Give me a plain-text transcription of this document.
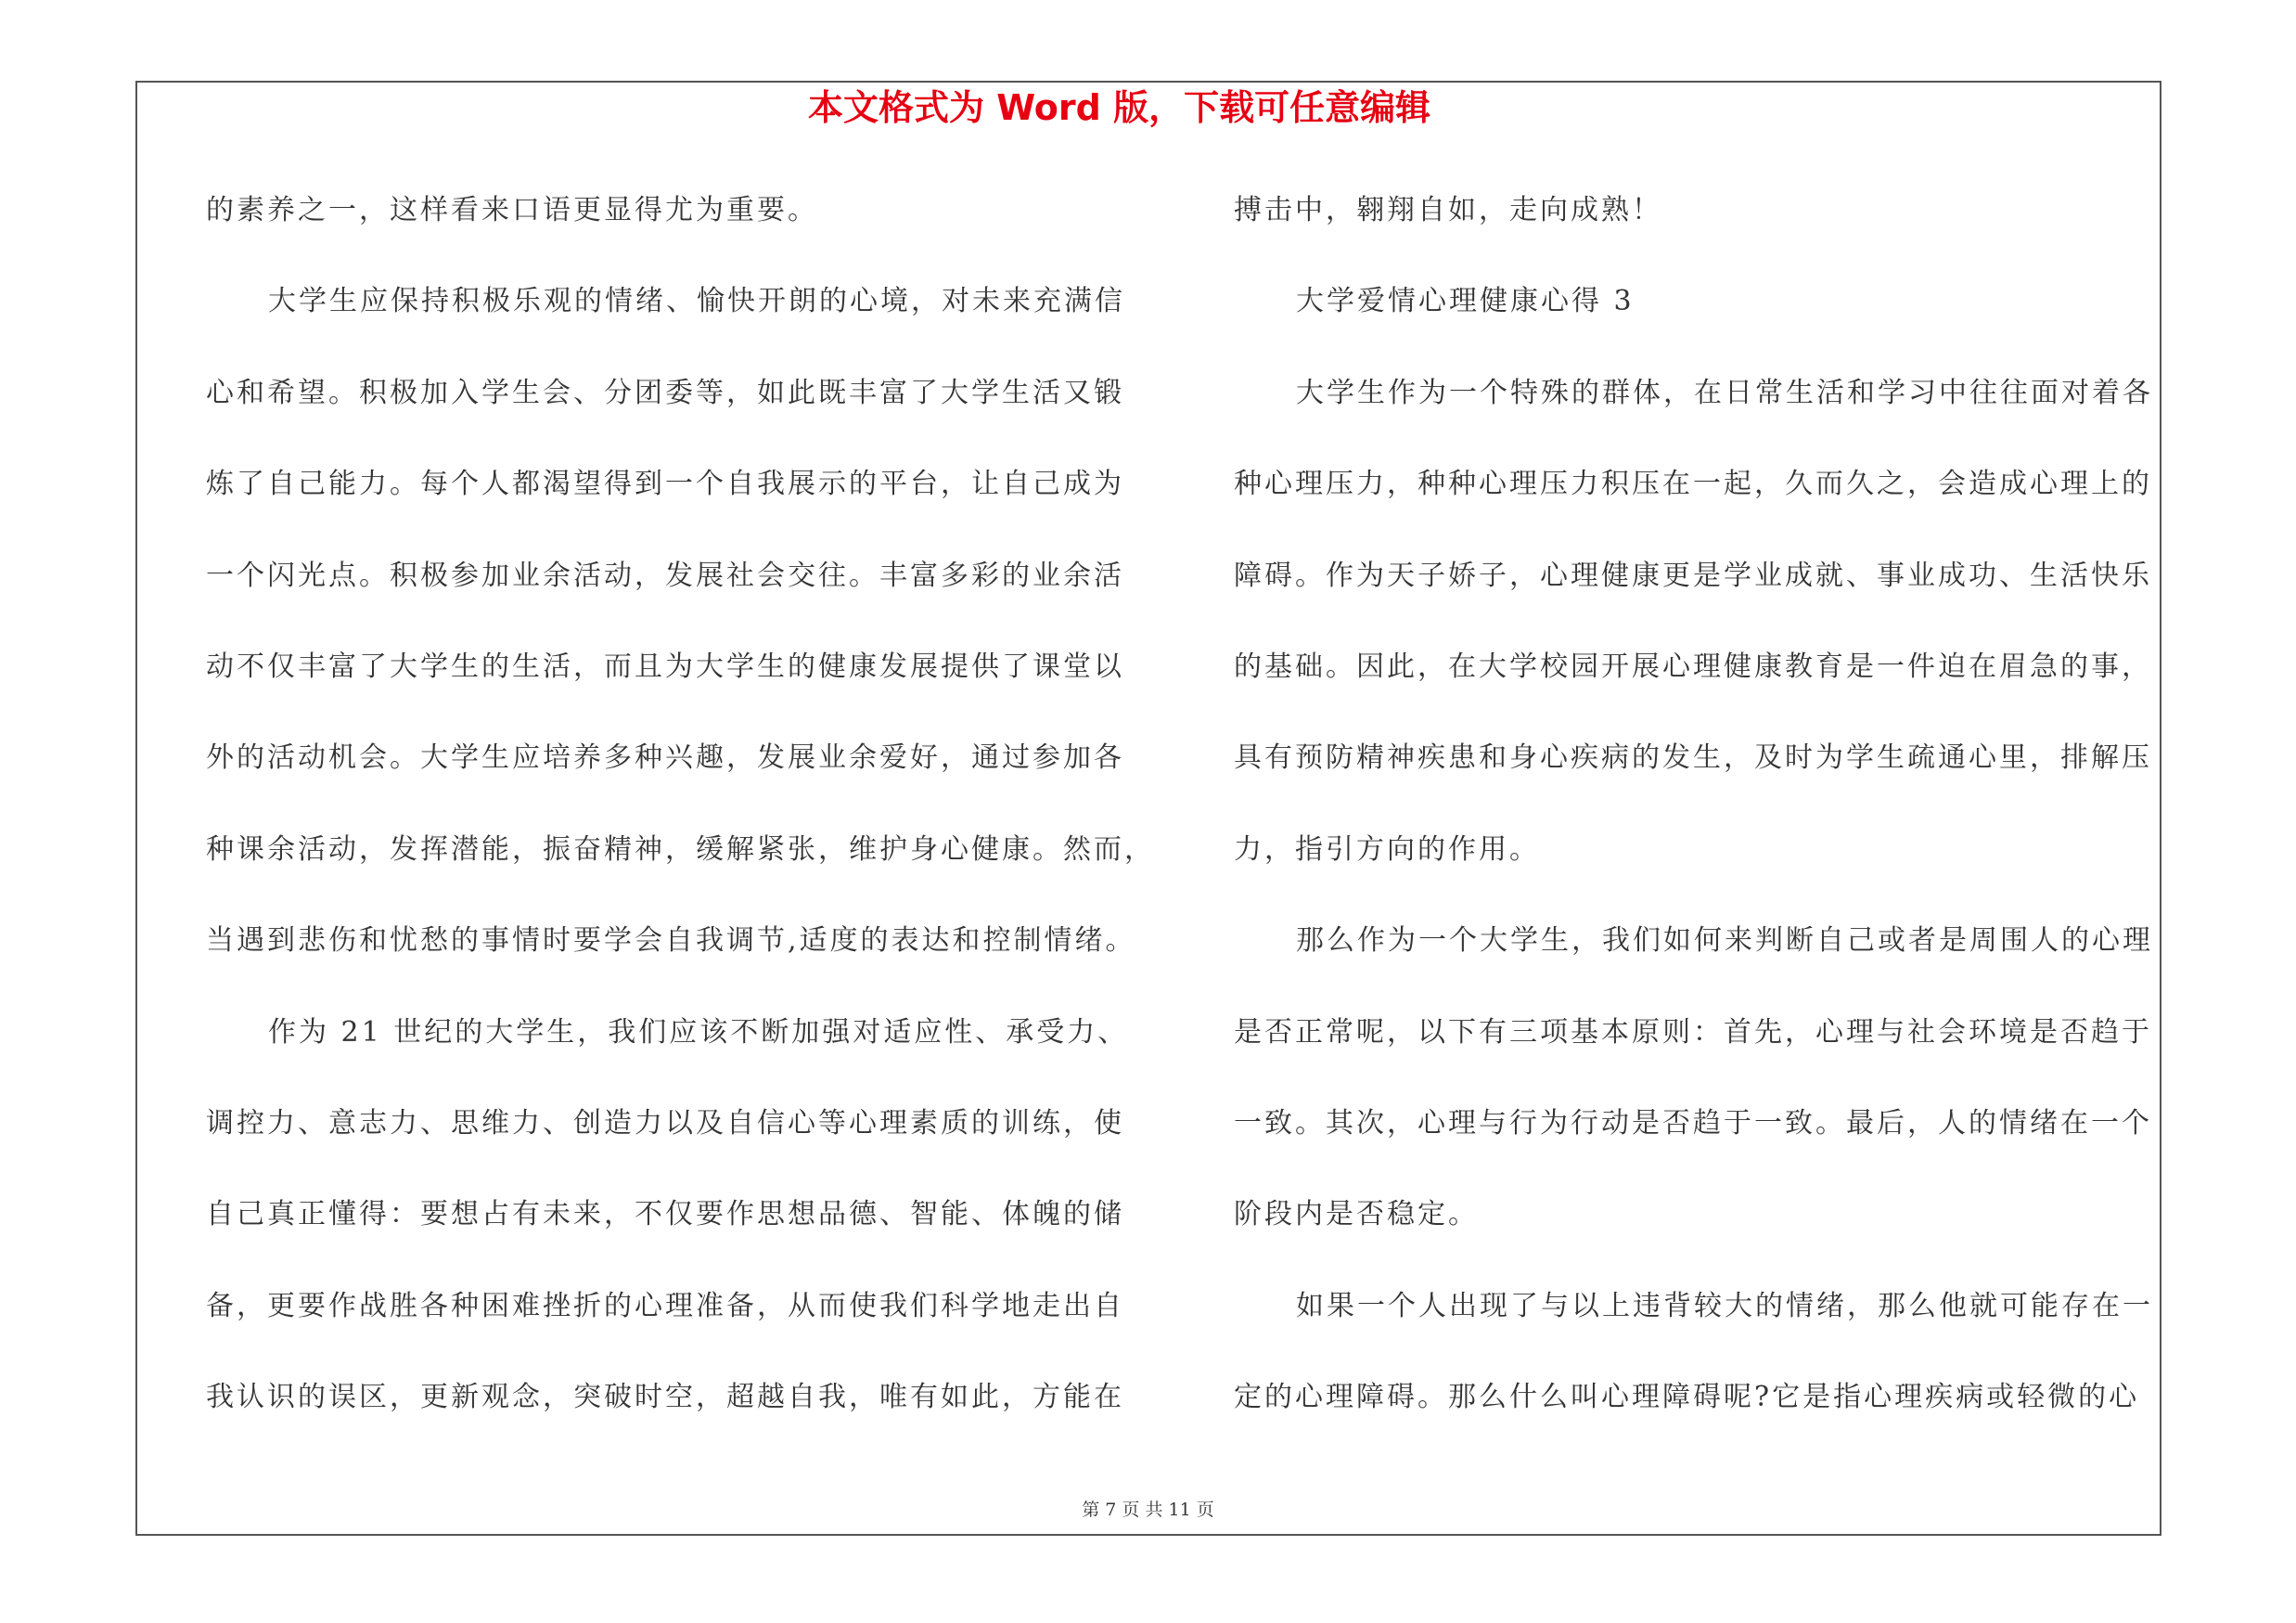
本文格式为 Word 版，下载可任意编辑
的素养之一，这样看来口语更显得尤为重要。
大学生应保持积极乐观的情绪、愉快开朗的心境，对未来充满信
心和希望。积极加入学生会、分团委等，如此既丰富了大学生活又锻
炼了自己能力。每个人都渴望得到一个自我展示的平台，让自己成为
一个闪光点。积极参加业余活动，发展社会交往。丰富多彩的业余活
动不仅丰富了大学生的生活，而且为大学生的健康发展提供了课堂以
外的活动机会。大学生应培养多种兴趣，发展业余爱好，通过参加各
种课余活动，发挥潜能，振奋精神，缓解紧张，维护身心健康。然而，
当遇到悲伤和忧愁的事情时要学会自我调节,适度的表达和控制情绪。
作为 21 世纪的大学生，我们应该不断加强对适应性、承受力、
调控力、意志力、思维力、创造力以及自信心等心理素质的训练，使
自己真正懂得：要想占有未来，不仅要作思想品德、智能、体魄的储
备，更要作战胜各种困难挫折的心理准备，从而使我们科学地走出自
我认识的误区，更新观念，突破时空，超越自我，唯有如此，方能在
搏击中，翱翔自如，走向成熟！
大学爱情心理健康心得 3
大学生作为一个特殊的群体，在日常生活和学习中往往面对着各
种心理压力，种种心理压力积压在一起，久而久之，会造成心理上的
障碍。作为天子娇子，心理健康更是学业成就、事业成功、生活快乐
的基础。因此，在大学校园开展心理健康教育是一件迫在眉急的事，
具有预防精神疾患和身心疾病的发生，及时为学生疏通心里，排解压
力，指引方向的作用。
那么作为一个大学生，我们如何来判断自己或者是周围人的心理
是否正常呢，以下有三项基本原则：首先，心理与社会环境是否趋于
一致。其次，心理与行为行动是否趋于一致。最后，人的情绪在一个
阶段内是否稳定。
如果一个人出现了与以上违背较大的情绪，那么他就可能存在一
定的心理障碍。那么什么叫心理障碍呢?它是指心理疾病或轻微的心
第 7 页 共 11 页
